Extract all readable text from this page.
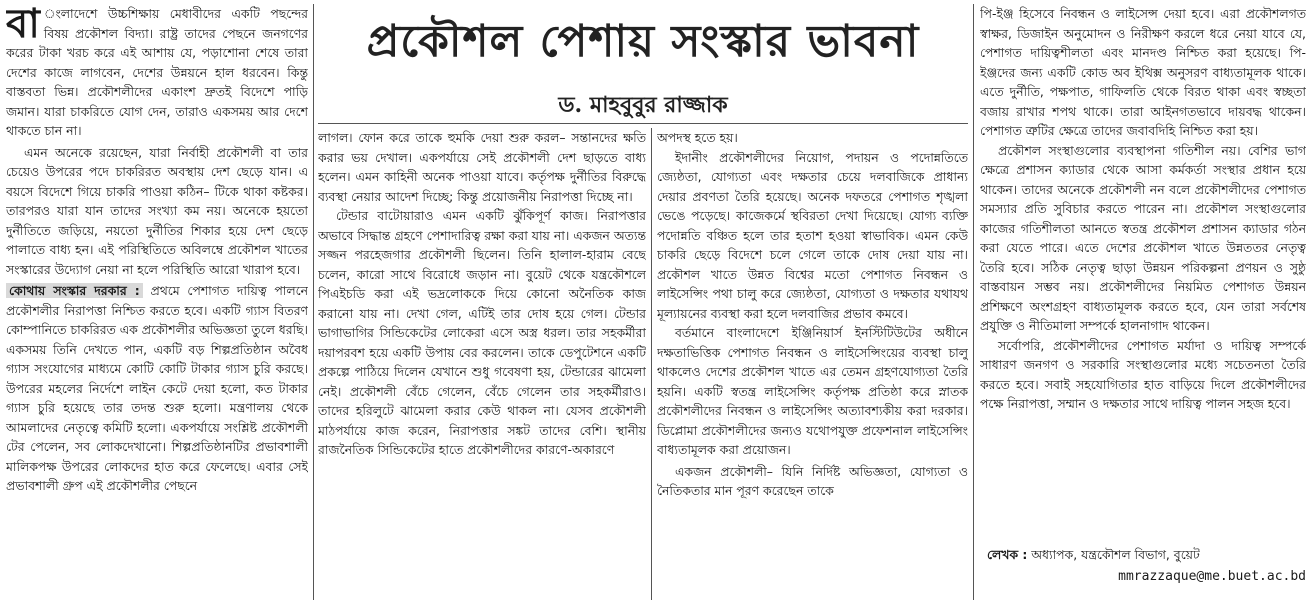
প্রকৌশল পেশায় সংস্কার ভাবনা
ড. মাহবুবুর রাজ্জাক

বা ংলাদেশে উচ্চশিক্ষায় মেধাবীদের একটি পছন্দের বিষয় প্রকৌশল বিদ্যা। রাষ্ট্র তাদের পেছনে জনগণের করের টাকা খরচ করে এই আশায় যে, পড়াশোনা শেষে তারা দেশের কাজে লাগবেন, দেশের উন্নয়নে হাল ধরবেন। কিন্তু বাস্তবতা ভিন্ন। প্রকৌশলীদের একাংশ দ্রুতই বিদেশে পাড়ি জমান। যারা চাকরিতে যোগ দেন, তারাও একসময় আর দেশে থাকতে চান না।

এমন অনেকে রয়েছেন, যারা নির্বাহী প্রকৌশলী বা তার চেয়েও উপরের পদে চাকরিরত অবস্থায় দেশ ছেড়ে যান। এ বয়সে বিদেশে গিয়ে চাকরি পাওয়া কঠিন– টিকে থাকা কষ্টকর। তারপরও যারা যান তাদের সংখ্যা কম নয়। অনেকে হয়তো দুর্নীতিতে জড়িয়ে, নয়তো দুর্নীতির শিকার হয়ে দেশ ছেড়ে পালাতে বাধ্য হন। এই পরিস্থিতিতে অবিলম্বে প্রকৌশল খাতের সংস্কারের উদ্যোগ নেয়া না হলে পরিস্থিতি আরো খারাপ হবে।

কোথায় সংস্কার দরকার : প্রথমে পেশাগত দায়িত্ব পালনে প্রকৌশলীর নিরাপত্তা নিশ্চিত করতে হবে। একটি গ্যাস বিতরণ কোম্পানিতে চাকরিরত এক প্রকৌশলীর অভিজ্ঞতা তুলে ধরছি। একসময় তিনি দেখতে পান, একটি বড় শিল্পপ্রতিষ্ঠান অবৈধ গ্যাস সংযোগের মাধ্যমে কোটি কোটি টাকার গ্যাস চুরি করছে। উপরের মহলের নির্দেশে লাইন কেটে দেয়া হলো, কত টাকার গ্যাস চুরি হয়েছে তার তদন্ত শুরু হলো। মন্ত্রণালয় থেকে আমলাদের নেতৃত্বে কমিটি হলো। একপর্যায়ে সংশ্লিষ্ট প্রকৌশলী টের পেলেন, সব লোকদেখানো। শিল্পপ্রতিষ্ঠানটির প্রভাবশালী মালিকপক্ষ উপরের লোকদের হাত করে ফেলেছে। এবার সেই প্রভাবশালী গ্রুপ এই প্রকৌশলীর পেছনে

লাগল। ফোন করে তাকে হুমকি দেয়া শুরু করল– সন্তানদের ক্ষতি করার ভয় দেখাল। একপর্যায়ে সেই প্রকৌশলী দেশ ছাড়তে বাধ্য হলেন। এমন কাহিনী অনেক পাওয়া যাবে। কর্তৃপক্ষ দুর্নীতির বিরুদ্ধে ব্যবস্থা নেয়ার আদেশ দিচ্ছে; কিন্তু প্রয়োজনীয় নিরাপত্তা দিচ্ছে না।

টেন্ডার বাটোয়ারাও এমন একটি ঝুঁকিপূর্ণ কাজ। নিরাপত্তার অভাবে সিদ্ধান্ত গ্রহণে পেশাদারিত্ব রক্ষা করা যায় না। একজন অত্যন্ত সজ্জন পরহেজগার প্রকৌশলী ছিলেন। তিনি হালাল-হারাম বেছে চলেন, কারো সাথে বিরোধে জড়ান না। বুয়েট থেকে যন্ত্রকৌশলে পিএইচডি করা এই ভদ্রলোককে দিয়ে কোনো অনৈতিক কাজ করানো যায় না। দেখা গেল, এটিই তার দোষ হয়ে গেল। টেন্ডার ভাগাভাগির সিন্ডিকেটের লোকেরা এসে অস্ত্র ধরল। তার সহকর্মীরা দয়াপরবশ হয়ে একটি উপায় বের করলেন। তাকে ডেপুটেশনে একটি প্রকল্পে পাঠিয়ে দিলেন যেখানে শুধু গবেষণা হয়, টেন্ডারের ঝামেলা নেই। প্রকৌশলী বেঁচে গেলেন, বেঁচে গেলেন তার সহকর্মীরাও। তাদের হরিলুটে ঝামেলা করার কেউ থাকল না। যেসব প্রকৌশলী মাঠপর্যায়ে কাজ করেন, নিরাপত্তার সঙ্কট তাদের বেশি। স্থানীয় রাজনৈতিক সিন্ডিকেটের হাতে প্রকৌশলীদের কারণে-অকারণে

অপদস্থ হতে হয়।

ইদানীং প্রকৌশলীদের নিয়োগ, পদায়ন ও পদোন্নতিতে জ্যেষ্ঠতা, যোগ্যতা এবং দক্ষতার চেয়ে দলবাজিকে প্রাধান্য দেয়ার প্রবণতা তৈরি হয়েছে। অনেক দফতরে পেশাগত শৃঙ্খলা ভেঙে পড়েছে। কাজেকর্মে স্থবিরতা দেখা দিয়েছে। যোগ্য ব্যক্তি পদোন্নতি বঞ্চিত হলে তার হতাশ হওয়া স্বাভাবিক। এমন কেউ চাকরি ছেড়ে বিদেশে চলে গেলে তাকে দোষ দেয়া যায় না। প্রকৌশল খাতে উন্নত বিশ্বের মতো পেশাগত নিবন্ধন ও লাইসেন্সিং পথা চালু করে জ্যেষ্ঠতা, যোগ্যতা ও দক্ষতার যথাযথ মূল্যায়নের ব্যবস্থা করা হলে দলবাজির প্রভাব কমবে।

বর্তমানে বাংলাদেশে ইঞ্জিনিয়ার্স ইনস্টিটিউটের অধীনে দক্ষতাভিত্তিক পেশাগত নিবন্ধন ও লাইসেন্সিংয়ের ব্যবস্থা চালু থাকলেও দেশের প্রকৌশল খাতে এর তেমন গ্রহণযোগ্যতা তৈরি হয়নি। একটি স্বতন্ত্র লাইসেন্সিং কর্তৃপক্ষ প্রতিষ্ঠা করে স্নাতক প্রকৌশলীদের নিবন্ধন ও লাইসেন্সিং অত্যাবশ্যকীয় করা দরকার। ডিপ্লোমা প্রকৌশলীদের জন্যও যথোপযুক্ত প্রফেশনাল লাইসেন্সিং বাধ্যতামূলক করা প্রয়োজন।

একজন প্রকৌশলী– যিনি নির্দিষ্ট অভিজ্ঞতা, যোগ্যতা ও নৈতিকতার মান পূরণ করেছেন তাকে

পি-ইঞ্জ হিসেবে নিবন্ধন ও লাইসেন্স দেয়া হবে। এরা প্রকৌশলগত স্বাক্ষর, ডিজাইন অনুমোদন ও নিরীক্ষণ করলে ধরে নেয়া যাবে যে, পেশাগত দায়িত্বশীলতা এবং মানদণ্ড নিশ্চিত করা হয়েছে। পি-ইঞ্জদের জন্য একটি কোড অব ইথিক্স অনুসরণ বাধ্যতামূলক থাকে। এতে দুর্নীতি, পক্ষপাত, গাফিলতি থেকে বিরত থাকা এবং স্বচ্ছতা বজায় রাখার শপথ থাকে। তারা আইনগতভাবে দায়বদ্ধ থাকেন। পেশাগত ত্রুটির ক্ষেত্রে তাদের জবাবদিহি নিশ্চিত করা হয়।

প্রকৌশল সংস্থাগুলোর ব্যবস্থাপনা গতিশীল নয়। বেশির ভাগ ক্ষেত্রে প্রশাসন ক্যাডার থেকে আসা কর্মকর্তা সংস্থার প্রধান হয়ে থাকেন। তাদের অনেকে প্রকৌশলী নন বলে প্রকৌশলীদের পেশাগত সমস্যার প্রতি সুবিচার করতে পারেন না। প্রকৌশল সংস্থাগুলোর কাজের গতিশীলতা আনতে স্বতন্ত্র প্রকৌশল প্রশাসন ক্যাডার গঠন করা যেতে পারে। এতে দেশের প্রকৌশল খাতে উন্নততর নেতৃত্ব তৈরি হবে। সঠিক নেতৃত্ব ছাড়া উন্নয়ন পরিকল্পনা প্রণয়ন ও সুষ্ঠু বাস্তবায়ন সম্ভব নয়। প্রকৌশলীদের নিয়মিত পেশাগত উন্নয়ন প্রশিক্ষণে অংশগ্রহণ বাধ্যতামূলক করতে হবে, যেন তারা সর্বশেষ প্রযুক্তি ও নীতিমালা সম্পর্কে হালনাগাদ থাকেন।

সর্বোপরি, প্রকৌশলীদের পেশাগত মর্যাদা ও দায়িত্ব সম্পর্কে সাধারণ জনগণ ও সরকারি সংস্থাগুলোর মধ্যে সচেতনতা তৈরি করতে হবে। সবাই সহযোগিতার হাত বাড়িয়ে দিলে প্রকৌশলীদের পক্ষে নিরাপত্তা, সম্মান ও দক্ষতার সাথে দায়িত্ব পালন সহজ হবে।

লেখক : অধ্যাপক, যন্ত্রকৌশল বিভাগ, বুয়েট
mmrazzaque@me.buet.ac.bd
